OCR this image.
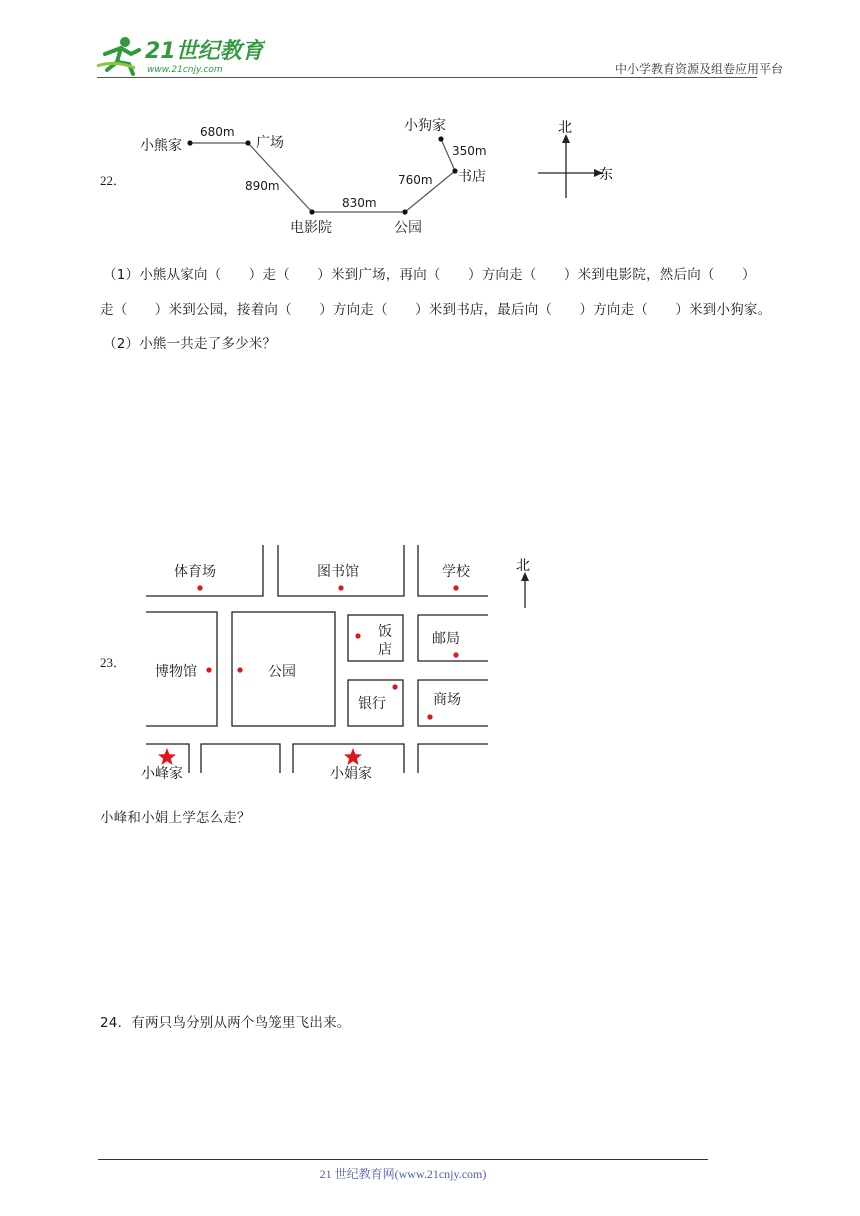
21世纪教育
www.21cnjy.com	中小学教育资源及组卷应用平台
22．
小熊家	广场
电影院	公园
书店
小狗家
680m
890m
830m
760m
350m
北
东
（1）小熊从家向（　　）走（　　）米到广场，再向（　　）方向走（　　）米到电影院，然后向（　　）
走（　　）米到公园，接着向（　　）方向走（　　）米到书店，最后向（　　）方向走（　　）米到小狗家。
（2）小熊一共走了多少米？
23．
体育场	图书馆	学校
饭
店
邮局
博物馆	公园
银行	商场
小峰家	小娟家
北
小峰和小娟上学怎么走？
24．有两只鸟分别从两个鸟笼里飞出来。
21 世纪教育网(www.21cnjy.com)
